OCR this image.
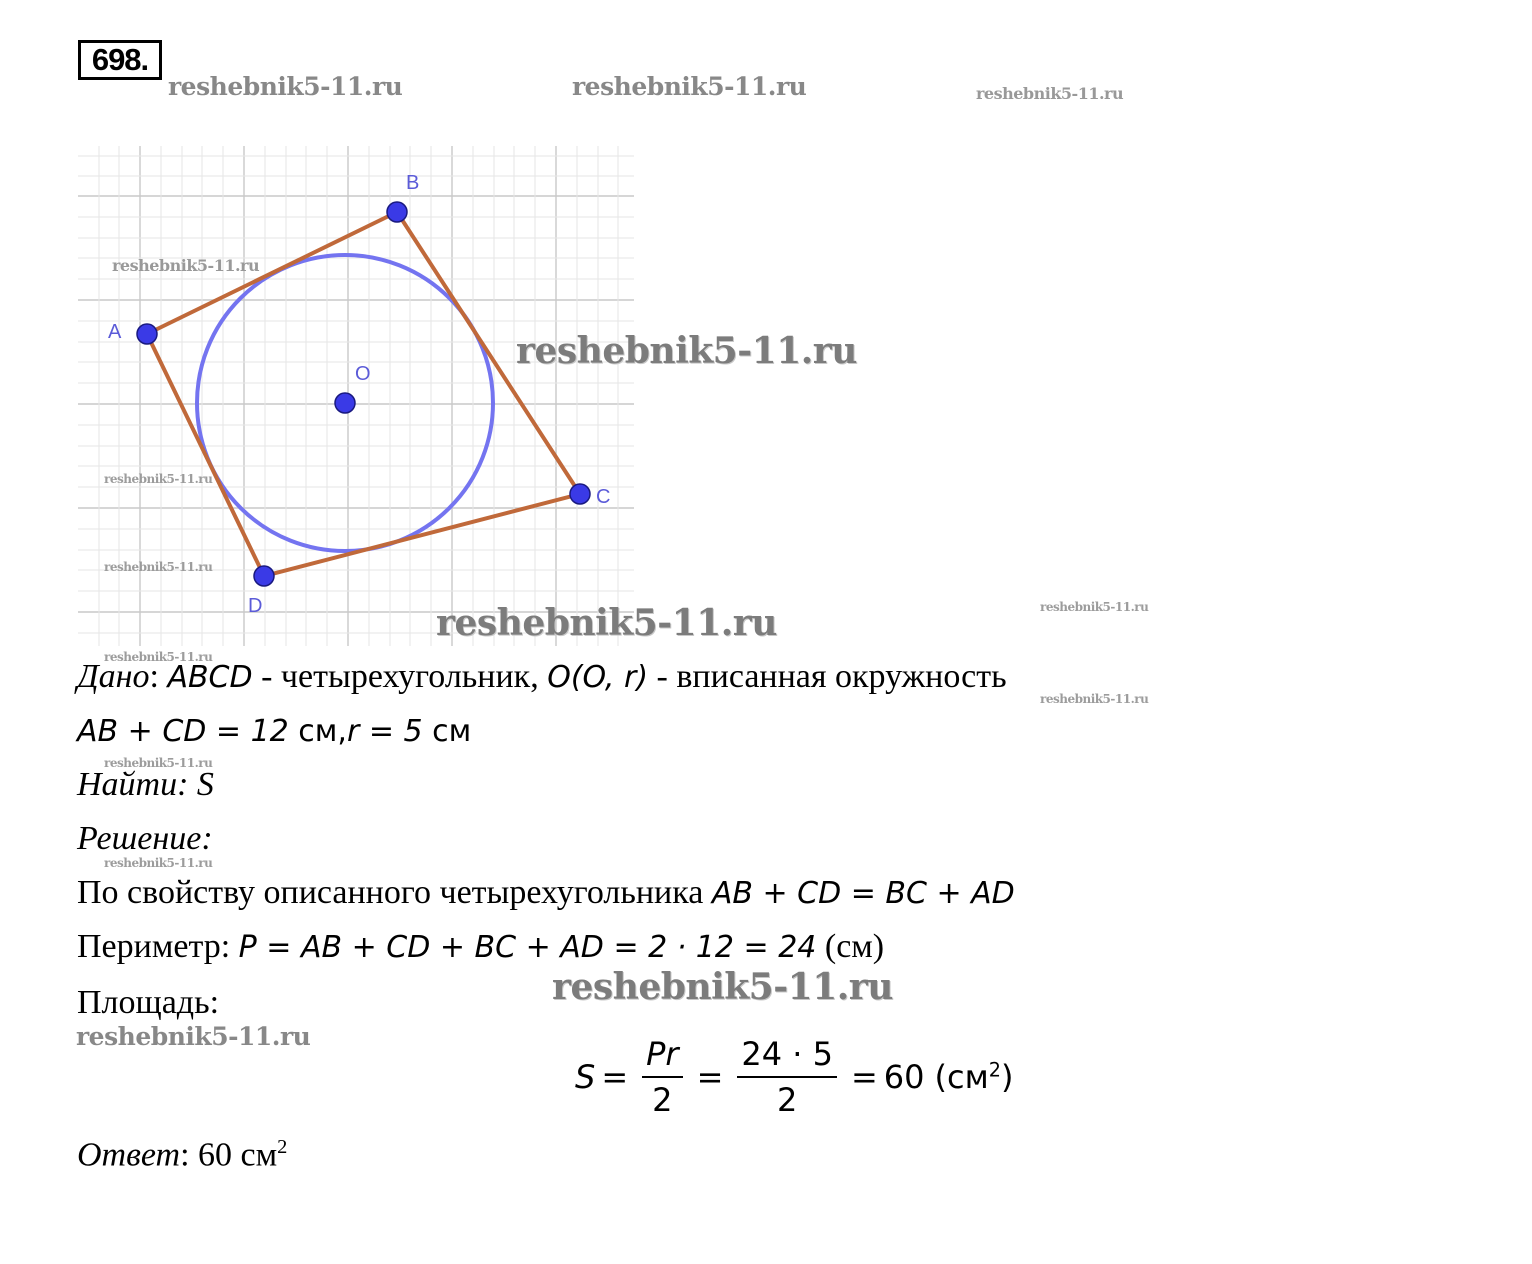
698.
reshebnik5-11.ru	reshebnik5-11.ru	reshebnik5-11.ru
A
B
C
D
O
reshebnik5-11.ru
reshebnik5-11.ru
reshebnik5-11.ru
reshebnik5-11.ru
reshebnik5-11.ru	reshebnik5-11.ru
reshebnik5-11.ru
Дано: ABCD - четырехугольник, O(O, r) - вписанная окружность
reshebnik5-11.ru
AB + CD = 12 см,r = 5 см
reshebnik5-11.ru
Найти: S
Решение:
reshebnik5-11.ru
По свойству описанного четырехугольника AB + CD = BC + AD
Периметр: P = AB + CD + BC + AD = 2 · 12 = 24 (см)
reshebnik5-11.ru
Площадь:
reshebnik5-11.ru
$S = \frac{Pr}{2} = \frac{24 \cdot 5}{2} = 60$ $(см^2)$
Ответ: 60 $см^2$
